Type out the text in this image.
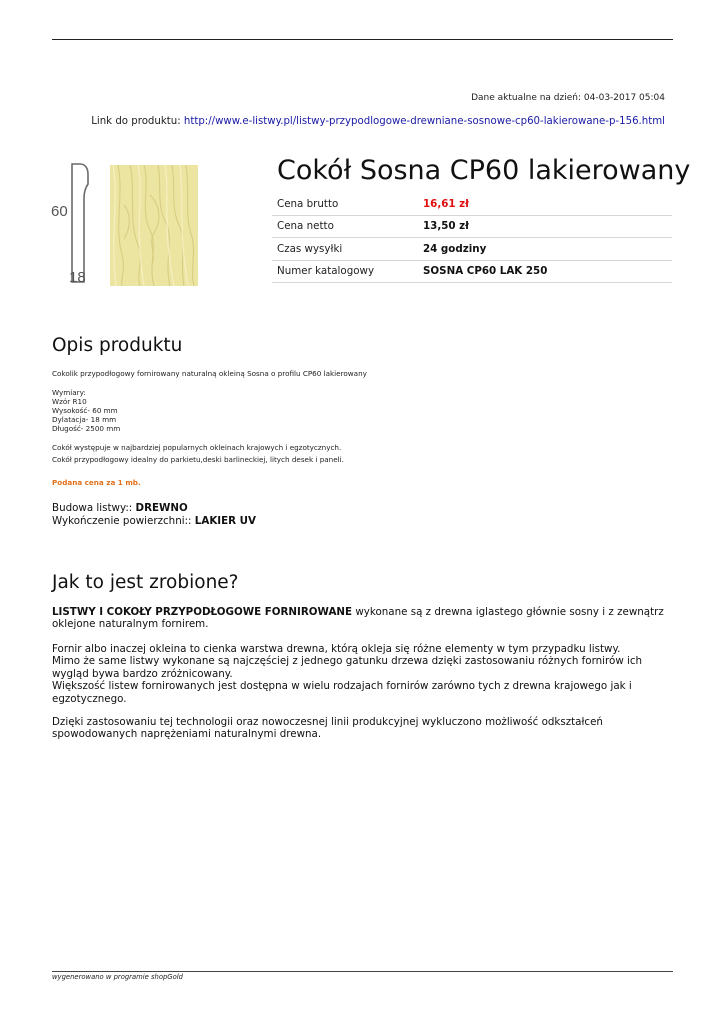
Dane aktualne na dzień: 04-03-2017 05:04
Link do produktu: http://www.e-listwy.pl/listwy-przypodlogowe-drewniane-sosnowe-cp60-lakierowane-p-156.html
60
18
Cokół Sosna CP60 lakierowany
Cena brutto	16,61 zł
Cena netto	13,50 zł
Czas wysyłki	24 godziny
Numer katalogowy	SOSNA CP60 LAK 250
Opis produktu
Cokolik przypodłogowy fornirowany naturalną okleiną Sosna o profilu CP60 lakierowany
Wymiary:
Wzór R10
Wysokość- 60 mm
Dylatacja- 18 mm
Długość- 2500 mm
Cokół występuje w najbardziej popularnych okleinach krajowych i egzotycznych.
Cokół przypodłogowy idealny do parkietu,deski barlineckiej, litych desek i paneli.
Podana cena za 1 mb.
Budowa listwy:: DREWNO
Wykończenie powierzchni:: LAKIER UV
Jak to jest zrobione?

LISTWY I COKOŁY PRZYPODŁOGOWE FORNIROWANE wykonane są z drewna iglastego głównie sosny i z zewnątrz oklejone naturalnym fornirem.

Fornir albo inaczej okleina to cienka warstwa drewna, którą okleja się różne elementy w tym przypadku listwy.

Mimo że same listwy wykonane są najczęściej z jednego gatunku drzewa dzięki zastosowaniu różnych fornirów ich wygląd bywa bardzo zróżnicowany.

Większość listew fornirowanych jest dostępna w wielu rodzajach fornirów zarówno tych z drewna krajowego jak i egzotycznego.

Dzięki zastosowaniu tej technologii oraz nowoczesnej linii produkcyjnej wykluczono możliwość odkształceń spowodowanych naprężeniami naturalnymi drewna.

wygenerowano w programie shopGold
